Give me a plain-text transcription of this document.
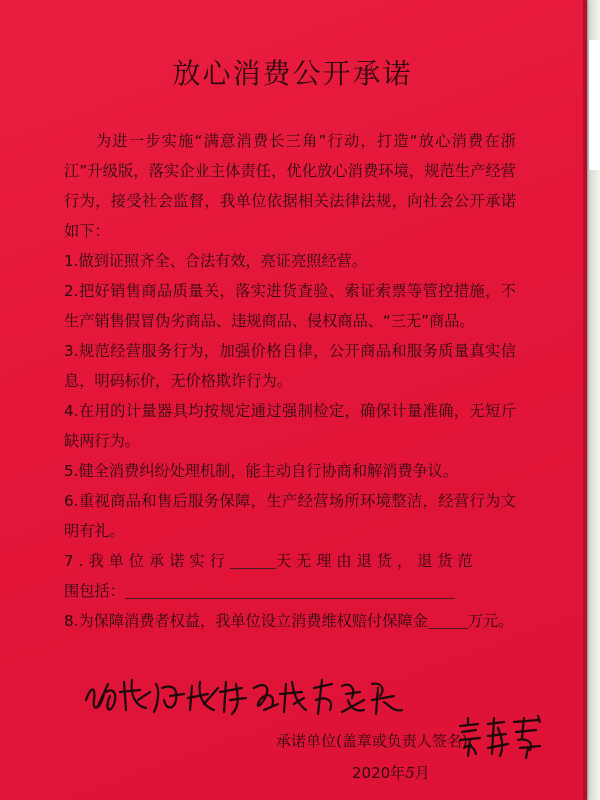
放心消费公开承诺

为进一步实施“满意消费长三角”行动，打造“放心消费在浙江”升级版，落实企业主体责任，优化放心消费环境，规范生产经营行为，接受社会监督，我单位依据相关法律法规，向社会公开承诺如下：

1.做到证照齐全、合法有效，亮证亮照经营。

2.把好销售商品质量关，落实进货查验、索证索票等管控措施，不生产销售假冒伪劣商品、违规商品、侵权商品、“三无”商品。

3.规范经营服务行为，加强价格自律，公开商品和服务质量真实信息，明码标价，无价格欺诈行为。

4.在用的计量器具均按规定通过强制检定，确保计量准确，无短斤缺两行为。

5.健全消费纠纷处理机制，能主动自行协商和解消费争议。

6.重视商品和售后服务保障，生产经营场所环境整洁，经营行为文明有礼。

7.我单位承诺实行	天无理由退货，退货范
围包括：

8.为保障消费者权益，我单位设立消费维权赔付保障金	万元。

承诺单位(盖章或负责人签名)：
2020年5月
